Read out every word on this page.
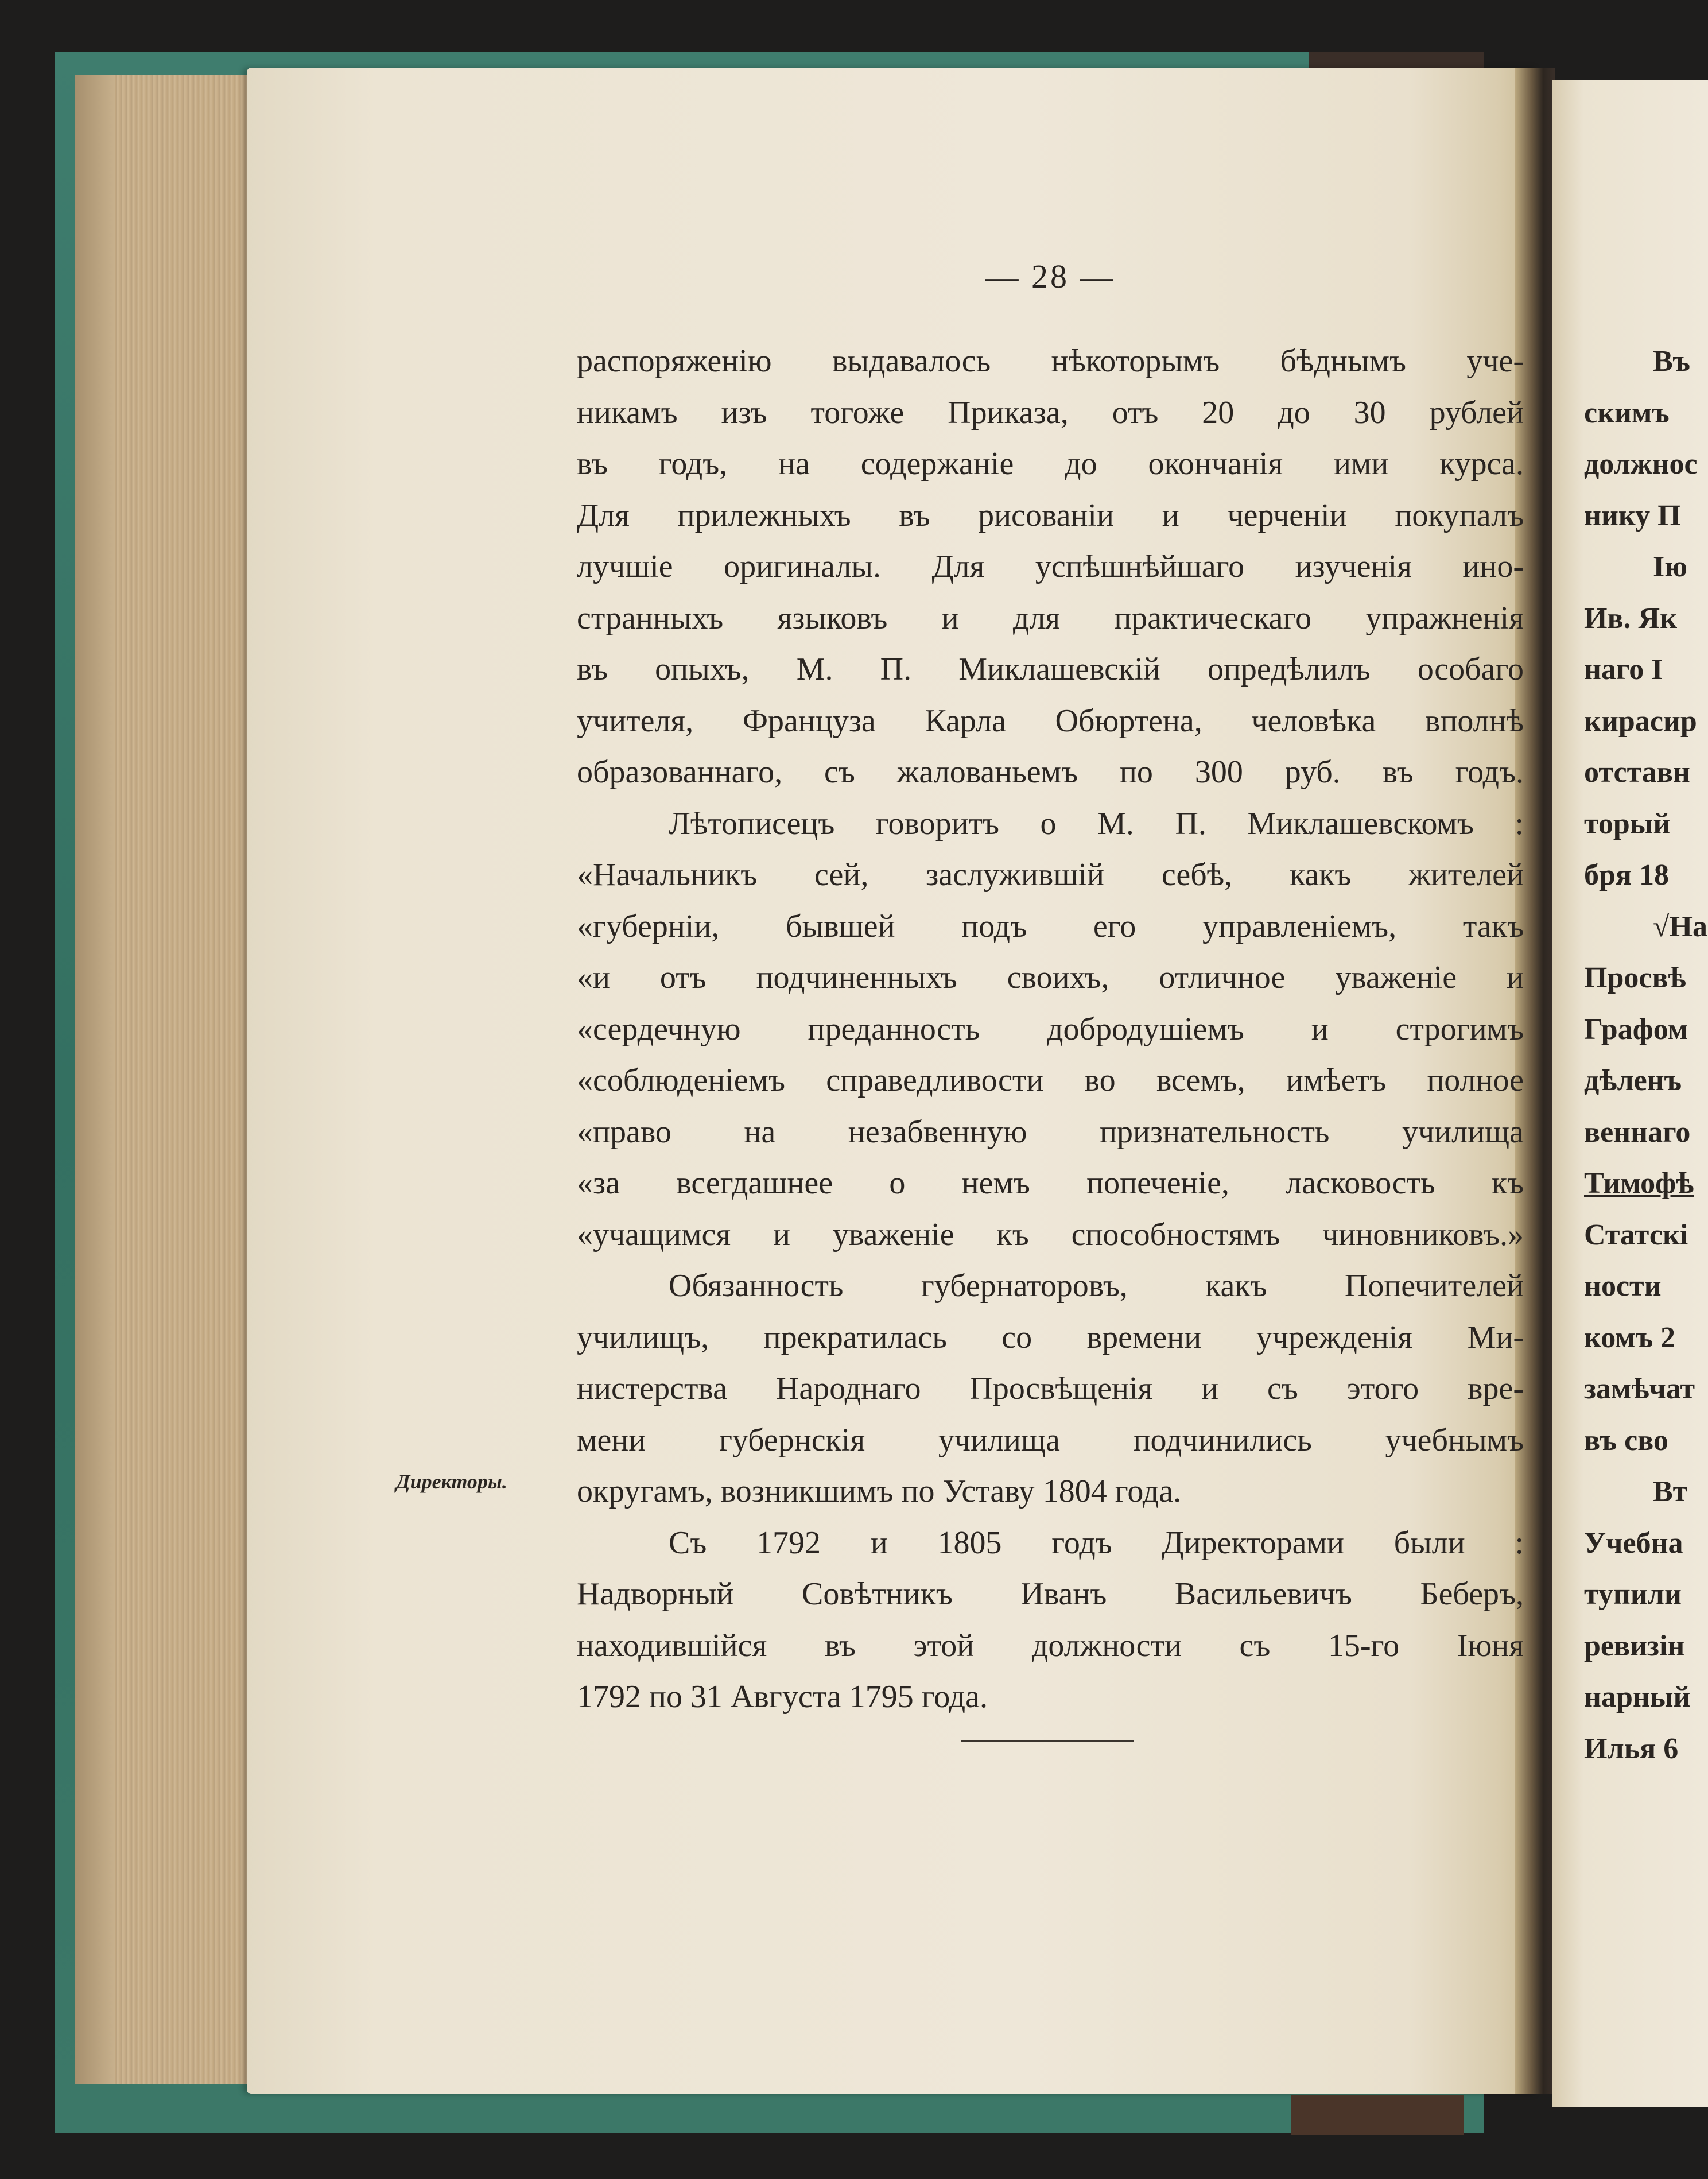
— 28 —
распоряженію выдавалось нѣкоторымъ бѣднымъ уче-
никамъ изъ тогоже Приказа, отъ 20 до 30 рублей
въ годъ, на содержаніе до окончанія ими курса.
Для прилежныхъ въ рисованіи и черченіи покупалъ
лучшіе оригиналы. Для успѣшнѣйшаго изученія ино-
странныхъ языковъ и для практическаго упражненія
въ опыхъ, М. П. Миклашевскій опредѣлилъ особаго
учителя, Француза Карла Обюртена, человѣка вполнѣ
образованнаго, съ жалованьемъ по 300 руб. въ годъ.
Лѣтописецъ говоритъ о М. П. Миклашевскомъ :
«Начальникъ сей, заслужившій себѣ, какъ жителей
«губерніи, бывшей подъ его управленіемъ, такъ
«и отъ подчиненныхъ своихъ, отличное уваженіе и
«сердечную преданность добродушіемъ и строгимъ
«соблюденіемъ справедливости во всемъ, имѣетъ полное
«право на незабвенную признательность училища
«за всегдашнее о немъ попеченіе, ласковость къ
«учащимся и уваженіе къ способностямъ чиновниковъ.»
Обязанность губернаторовъ, какъ Попечителей
училищъ, прекратилась со времени учрежденія Ми-
нистерства Народнаго Просвѣщенія и съ этого вре-
мени губернскія училища подчинились учебнымъ
округамъ, возникшимъ по Уставу 1804 года.
Съ 1792 и 1805 годъ Директорами были :
Надворный Совѣтникъ Иванъ Васильевичъ Беберъ,
находившійся въ этой должности съ 15-го Іюня
1792 по 31 Августа 1795 года.
Директоры.
Въ
скимъ
должнос
нику П
Ію
Ив. Як
наго І
кирасир
отставн
торый
бря 18
√На
Просвѣ
Графом
дѣленъ
веннаго
Тимофѣ
Статскі
ности
комъ 2
замѣчат
въ сво
Вт
Учебна
тупили
ревизін
нарный
Илья 6
